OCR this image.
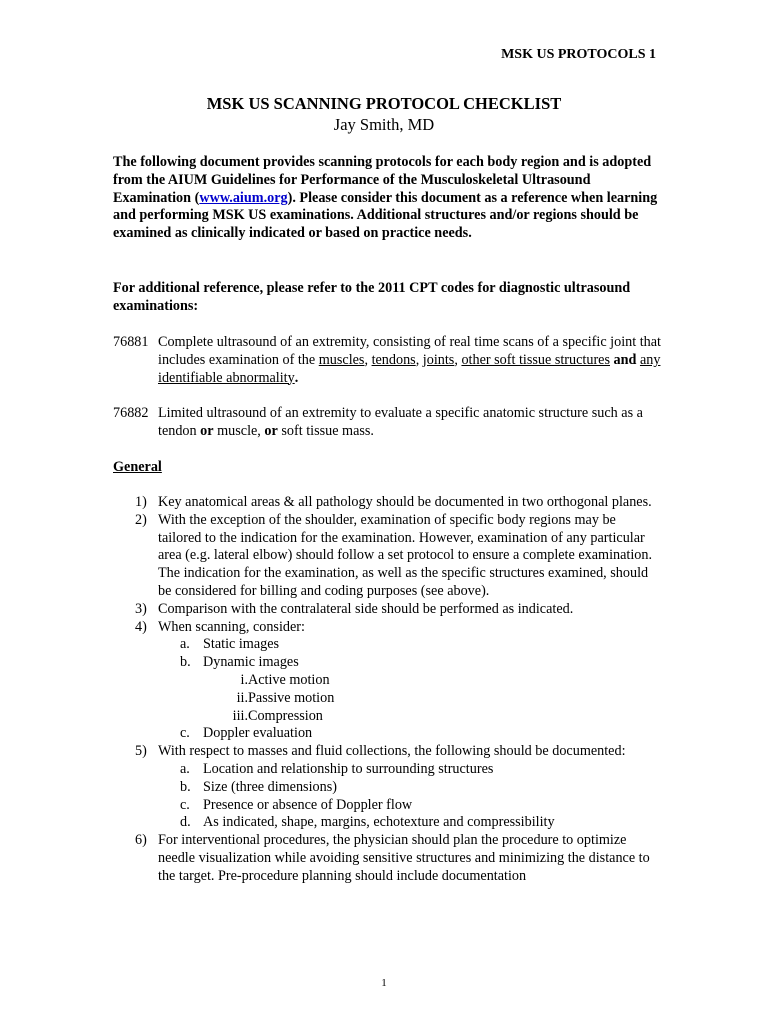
MSK US PROTOCOLS 1
MSK US SCANNING PROTOCOL CHECKLIST
Jay Smith, MD

The following document provides scanning protocols for each body region and is adopted from the AIUM Guidelines for Performance of the Musculoskeletal Ultrasound Examination (www.aium.org). Please consider this document as a reference when learning and performing MSK US examinations. Additional structures and/or regions should be examined as clinically indicated or based on practice needs.

For additional reference, please refer to the 2011 CPT codes for diagnostic ultrasound examinations:

76881 Complete ultrasound of an extremity, consisting of real time scans of a specific joint that includes examination of the muscles, tendons, joints, other soft tissue structures and any identifiable abnormality.
76882 Limited ultrasound of an extremity to evaluate a specific anatomic structure such as a tendon or muscle, or soft tissue mass.
General
1) Key anatomical areas & all pathology should be documented in two orthogonal planes.
2) With the exception of the shoulder, examination of specific body regions may be tailored to the indication for the examination. However, examination of any particular area (e.g. lateral elbow) should follow a set protocol to ensure a complete examination. The indication for the examination, as well as the specific structures examined, should be considered for billing and coding purposes (see above).
3) Comparison with the contralateral side should be performed as indicated.
4) When scanning, consider:
a. Static images
b. Dynamic images
i. Active motion
ii. Passive motion
iii. Compression
c. Doppler evaluation
5) With respect to masses and fluid collections, the following should be documented:
a. Location and relationship to surrounding structures
b. Size (three dimensions)
c. Presence or absence of Doppler flow
d. As indicated, shape, margins, echotexture and compressibility
6) For interventional procedures, the physician should plan the procedure to optimize needle visualization while avoiding sensitive structures and minimizing the distance to the target. Pre-procedure planning should include documentation
1
